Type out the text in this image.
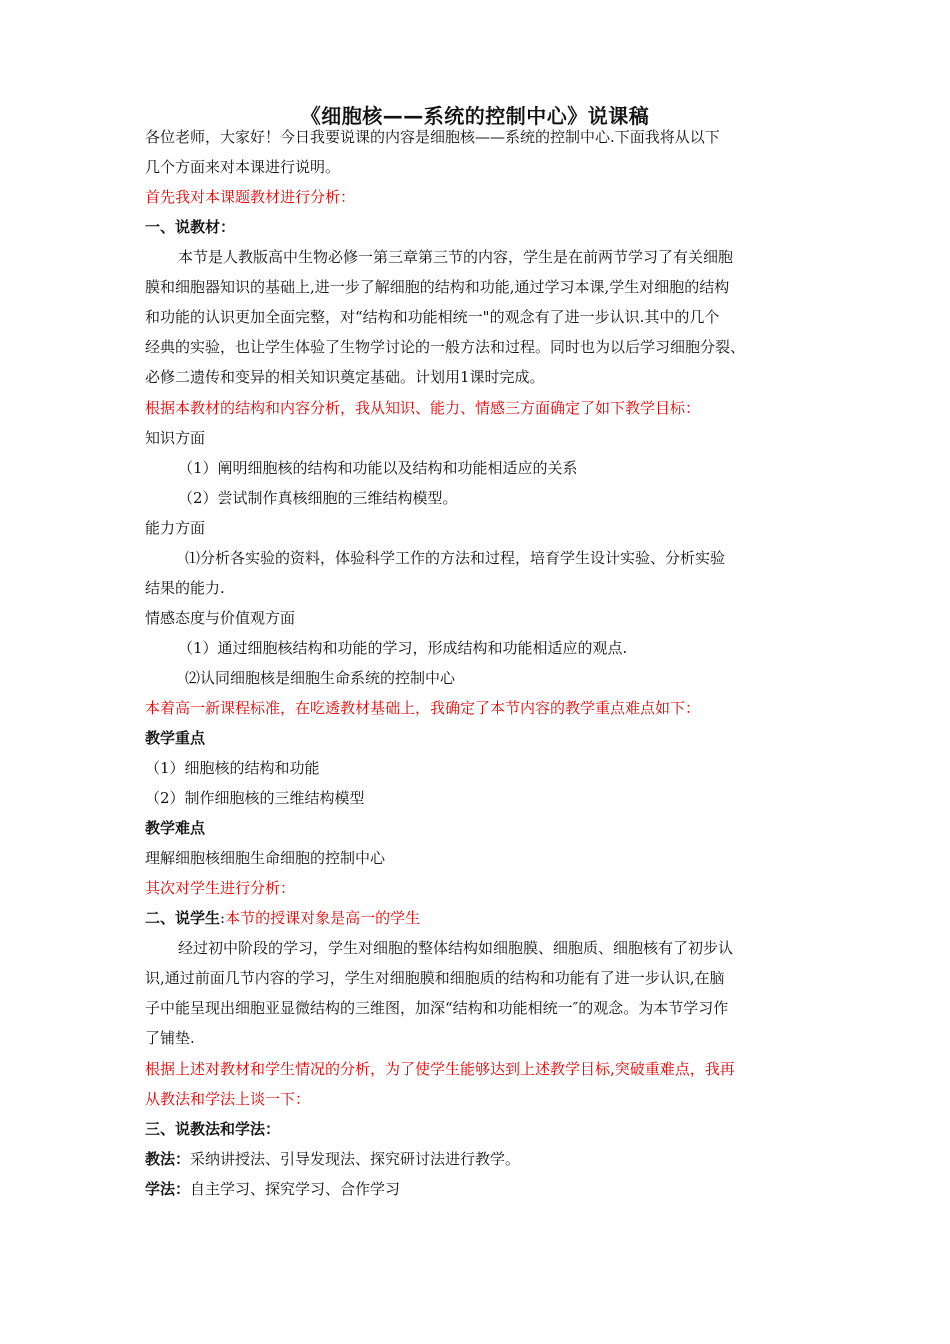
《细胞核——系统的控制中心》说课稿
各位老师，大家好！今日我要说课的内容是细胞核——系统的控制中心.下面我将从以下
几个方面来对本课进行说明。
首先我对本课题教材进行分析：
一、说教材：
本节是人教版高中生物必修一第三章第三节的内容，学生是在前两节学习了有关细胞
膜和细胞器知识的基础上,进一步了解细胞的结构和功能,通过学习本课,学生对细胞的结构
和功能的认识更加全面完整，对“结构和功能相统一"的观念有了进一步认识.其中的几个
经典的实验，也让学生体验了生物学讨论的一般方法和过程。同时也为以后学习细胞分裂、
必修二遗传和变异的相关知识奠定基础。计划用1课时完成。
根据本教材的结构和内容分析，我从知识、能力、情感三方面确定了如下教学目标：
知识方面
（1）阐明细胞核的结构和功能以及结构和功能相适应的关系
（2）尝试制作真核细胞的三维结构模型。
能力方面
⑴分析各实验的资料，体验科学工作的方法和过程，培育学生设计实验、分析实验
结果的能力.
情感态度与价值观方面
（1）通过细胞核结构和功能的学习，形成结构和功能相适应的观点.
⑵认同细胞核是细胞生命系统的控制中心
本着高一新课程标准，在吃透教材基础上，我确定了本节内容的教学重点难点如下：
教学重点
（1）细胞核的结构和功能
（2）制作细胞核的三维结构模型
教学难点
理解细胞核细胞生命细胞的控制中心
其次对学生进行分析：
二、说学生:本节的授课对象是高一的学生
经过初中阶段的学习，学生对细胞的整体结构如细胞膜、细胞质、细胞核有了初步认
识,通过前面几节内容的学习，学生对细胞膜和细胞质的结构和功能有了进一步认识,在脑
子中能呈现出细胞亚显微结构的三维图，加深“结构和功能相统一″的观念。为本节学习作
了铺垫.
根据上述对教材和学生情况的分析，为了使学生能够达到上述教学目标,突破重难点，我再
从教法和学法上谈一下：
三、说教法和学法：
教法：采纳讲授法、引导发现法、探究研讨法进行教学。
学法：自主学习、探究学习、合作学习
